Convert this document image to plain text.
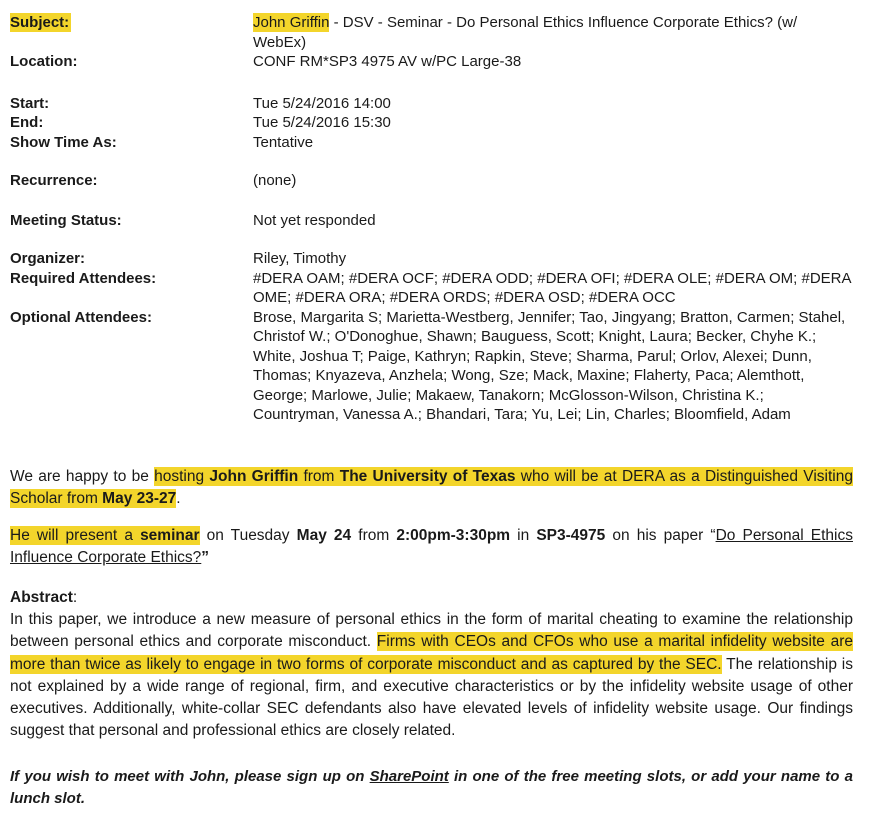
Subject:	John Griffin - DSV - Seminar - Do Personal Ethics Influence Corporate Ethics? (w/ WebEx)
Location:	CONF RM*SP3 4975 AV w/PC Large-38
Start:	Tue 5/24/2016 14:00
End:	Tue 5/24/2016 15:30
Show Time As:	Tentative
Recurrence:	(none)
Meeting Status:	Not yet responded
Organizer:	Riley, Timothy
Required Attendees:	#DERA OAM; #DERA OCF; #DERA ODD; #DERA OFI; #DERA OLE; #DERA OM; #DERA OME; #DERA ORA; #DERA ORDS; #DERA OSD; #DERA OCC
Optional Attendees:	Brose, Margarita S; Marietta-Westberg, Jennifer; Tao, Jingyang; Bratton, Carmen; Stahel, Christof W.; O'Donoghue, Shawn; Bauguess, Scott; Knight, Laura; Becker, Chyhe K.; White, Joshua T; Paige, Kathryn; Rapkin, Steve; Sharma, Parul; Orlov, Alexei; Dunn, Thomas; Knyazeva, Anzhela; Wong, Sze; Mack, Maxine; Flaherty, Paca; Alemthott, George; Marlowe, Julie; Makaew, Tanakorn; McGlosson-Wilson, Christina K.; Countryman, Vanessa A.; Bhandari, Tara; Yu, Lei; Lin, Charles; Bloomfield, Adam

We are happy to be hosting John Griffin from The University of Texas who will be at DERA as a Distinguished Visiting Scholar from May 23-27.

He will present a seminar on Tuesday May 24 from 2:00pm-3:30pm in SP3-4975 on his paper “Do Personal Ethics Influence Corporate Ethics?”

Abstract:

In this paper, we introduce a new measure of personal ethics in the form of marital cheating to examine the relationship between personal ethics and corporate misconduct. Firms with CEOs and CFOs who use a marital infidelity website are more than twice as likely to engage in two forms of corporate misconduct and as captured by the SEC. The relationship is not explained by a wide range of regional, firm, and executive characteristics or by the infidelity website usage of other executives. Additionally, white-collar SEC defendants also have elevated levels of infidelity website usage. Our findings suggest that personal and professional ethics are closely related.

If you wish to meet with John, please sign up on SharePoint in one of the free meeting slots, or add your name to a lunch slot.
